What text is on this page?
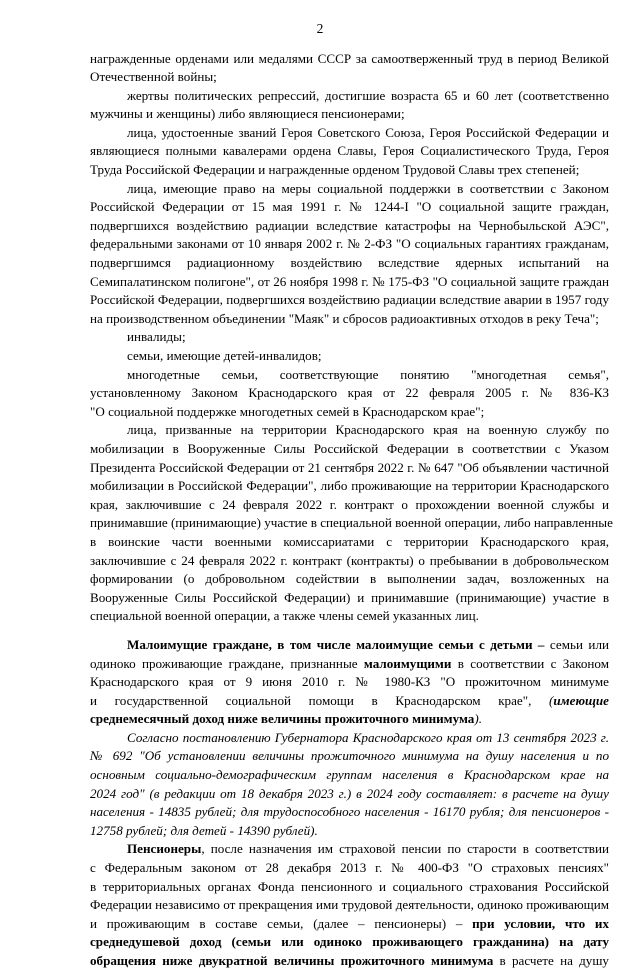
2
награжденные орденами или медалями СССР за самоотверженный труд в период Великой
Отечественной войны;
жертвы политических репрессий, достигшие возраста 65 и 60 лет (соответственно
мужчины и женщины) либо являющиеся пенсионерами;
лица, удостоенные званий Героя Советского Союза, Героя Российской Федерации и
являющиеся полными кавалерами ордена Славы, Героя Социалистического Труда, Героя
Труда Российской Федерации и награжденные орденом Трудовой Славы трех степеней;
лица, имеющие право на меры социальной поддержки в соответствии с Законом
Российской Федерации от 15 мая 1991 г. № 1244-I "О социальной защите граждан,
подвергшихся воздействию радиации вследствие катастрофы на Чернобыльской АЭС",
федеральными законами от 10 января 2002 г. № 2-ФЗ "О социальных гарантиях гражданам,
подвергшимся радиационному воздействию вследствие ядерных испытаний на
Семипалатинском полигоне", от 26 ноября 1998 г. № 175-ФЗ "О социальной защите граждан
Российской Федерации, подвергшихся воздействию радиации вследствие аварии в 1957 году
на производственном объединении "Маяк" и сбросов радиоактивных отходов в реку Теча";
инвалиды;
семьи, имеющие детей-инвалидов;
многодетные семьи, соответствующие понятию "многодетная семья",
установленному Законом Краснодарского края от 22 февраля 2005 г. № 836-КЗ
"О социальной поддержке многодетных семей в Краснодарском крае";
лица, призванные на территории Краснодарского края на военную службу по
мобилизации в Вооруженные Силы Российской Федерации в соответствии с Указом
Президента Российской Федерации от 21 сентября 2022 г. № 647 "Об объявлении частичной
мобилизации в Российской Федерации", либо проживающие на территории Краснодарского
края, заключившие с 24 февраля 2022 г. контракт о прохождении военной службы и
принимавшие (принимающие) участие в специальной военной операции, либо направленные
в воинские части военными комиссариатами с территории Краснодарского края,
заключившие с 24 февраля 2022 г. контракт (контракты) о пребывании в добровольческом
формировании (о добровольном содействии в выполнении задач, возложенных на
Вооруженные Силы Российской Федерации) и принимавшие (принимающие) участие в
специальной военной операции, а также члены семей указанных лиц.
Малоимущие граждане, в том числе малоимущие семьи с детьми – семьи или
одиноко проживающие граждане, признанные малоимущими в соответствии с Законом
Краснодарского края от 9 июня 2010 г. № 1980-КЗ "О прожиточном минимуме
и государственной социальной помощи в Краснодарском крае", (имеющие
среднемесячный доход ниже величины прожиточного минимума).
Согласно постановлению Губернатора Краснодарского края от 13 сентября 2023 г.
№ 692 "Об установлении величины прожиточного минимума на душу населения и по
основным социально-демографическим группам населения в Краснодарском крае на
2024 год" (в редакции от 18 декабря 2023 г.) в 2024 году составляет: в расчете на душу
населения - 14835 рублей; для трудоспособного населения - 16170 рубля; для пенсионеров -
12758 рублей; для детей - 14390 рублей).
Пенсионеры, после назначения им страховой пенсии по старости в соответствии
с Федеральным законом от 28 декабря 2013 г. № 400-ФЗ "О страховых пенсиях"
в территориальных органах Фонда пенсионного и социального страхования Российской
Федерации независимо от прекращения ими трудовой деятельности, одиноко проживающим
и проживающим в составе семьи, (далее – пенсионеры) – при условии, что их
среднедушевой доход (семьи или одиноко проживающего гражданина) на дату
обращения ниже двукратной величины прожиточного минимума в расчете на душу
